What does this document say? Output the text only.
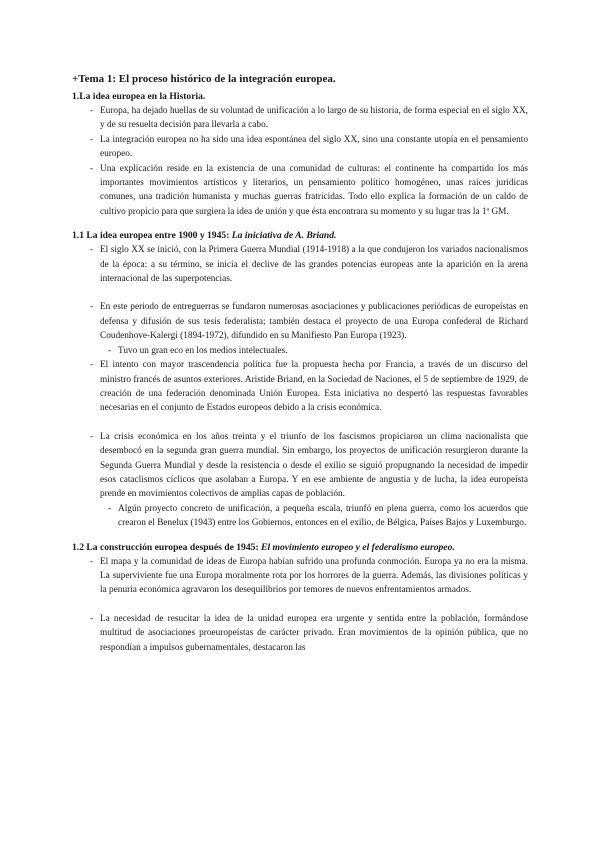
+Tema 1: El proceso histórico de la integración europea.
1.La idea europea en la Historia.
- Europa, ha dejado huellas de su voluntad de unificación a lo largo de su historia, de forma especial en el siglo XX, y de su resuelta decisión para llevarla a cabo.
- La integración europea no ha sido una idea espontánea del siglo XX, sino una constante utopía en el pensamiento europeo.
- Una explicación reside en la existencia de una comunidad de culturas: el continente ha compartido los más importantes movimientos artísticos y literarios, un pensamiento político homogéneo, unas raíces jurídicas comunes, una tradición humanista y muchas guerras fratricidas. Todo ello explica la formación de un caldo de cultivo propicio para que surgiera la idea de unión y que ésta encontrara su momento y su lugar tras la 1ª GM.
1.1 La idea europea entre 1900 y 1945: La iniciativa de A. Briand.
- El siglo XX se inició, con la Primera Guerra Mundial (1914-1918) a la que condujeron los variados nacionalismos de la época: a su término, se inicia el declive de las grandes potencias europeas ante la aparición en la arena internacional de las superpotencias.
- En este periodo de entreguerras se fundaron numerosas asociaciones y publicaciones periódicas de europeístas en defensa y difusión de sus tesis federalista; también destaca el proyecto de una Europa confederal de Richard Coudenhove-Kalergi (1894-1972), difundido en su Manifiesto Pan Europa (1923).
- Tuvo un gran eco en los medios intelectuales.
- El intento con mayor trascendencia política fue la propuesta hecha por Francia, a través de un discurso del ministro francés de asuntos exteriores. Aristide Briand, en la Sociedad de Naciones, el 5 de septiembre de 1929, de creación de una federación denominada Unión Europea. Esta iniciativa no despertó las respuestas favorables necesarias en el conjunto de Estados europeos debido a la crisis económica.
- La crisis económica en los años treinta y el triunfo de los fascismos propiciaron un clima nacionalista que desembocó en la segunda gran guerra mundial. Sin embargo, los proyectos de unificación resurgieron durante la Segunda Guerra Mundial y desde la resistencia o desde el exilio se siguió propugnando la necesidad de impedir esos cataclismos cíclicos que asolaban a Europa. Y en ese ambiente de angustia y de lucha, la idea europeísta prende en movimientos colectivos de amplias capas de población.
- Algún proyecto concreto de unificación, a pequeña escala, triunfó en plena guerra, como los acuerdos que crearon el Benelux (1943) entre los Gobiernos, entonces en el exilio, de Bélgica, Países Bajos y Luxemburgo.
1.2 La construcción europea después de 1945: El movimiento europeo y el federalismo europeo.
- El mapa y la comunidad de ideas de Europa habían sufrido una profunda conmoción. Europa ya no era la misma. La superviviente fue una Europa moralmente rota por los horrores de la guerra. Además, las divisiones políticas y la penuria económica agravaron los desequilibrios por temores de nuevos enfrentamientos armados.
- La necesidad de resucitar la idea de la unidad europea era urgente y sentida entre la población, formándose multitud de asociaciones proeuropeístas de carácter privado. Eran movimientos de la opinión pública, que no respondían a impulsos gubernamentales, destacaron las
